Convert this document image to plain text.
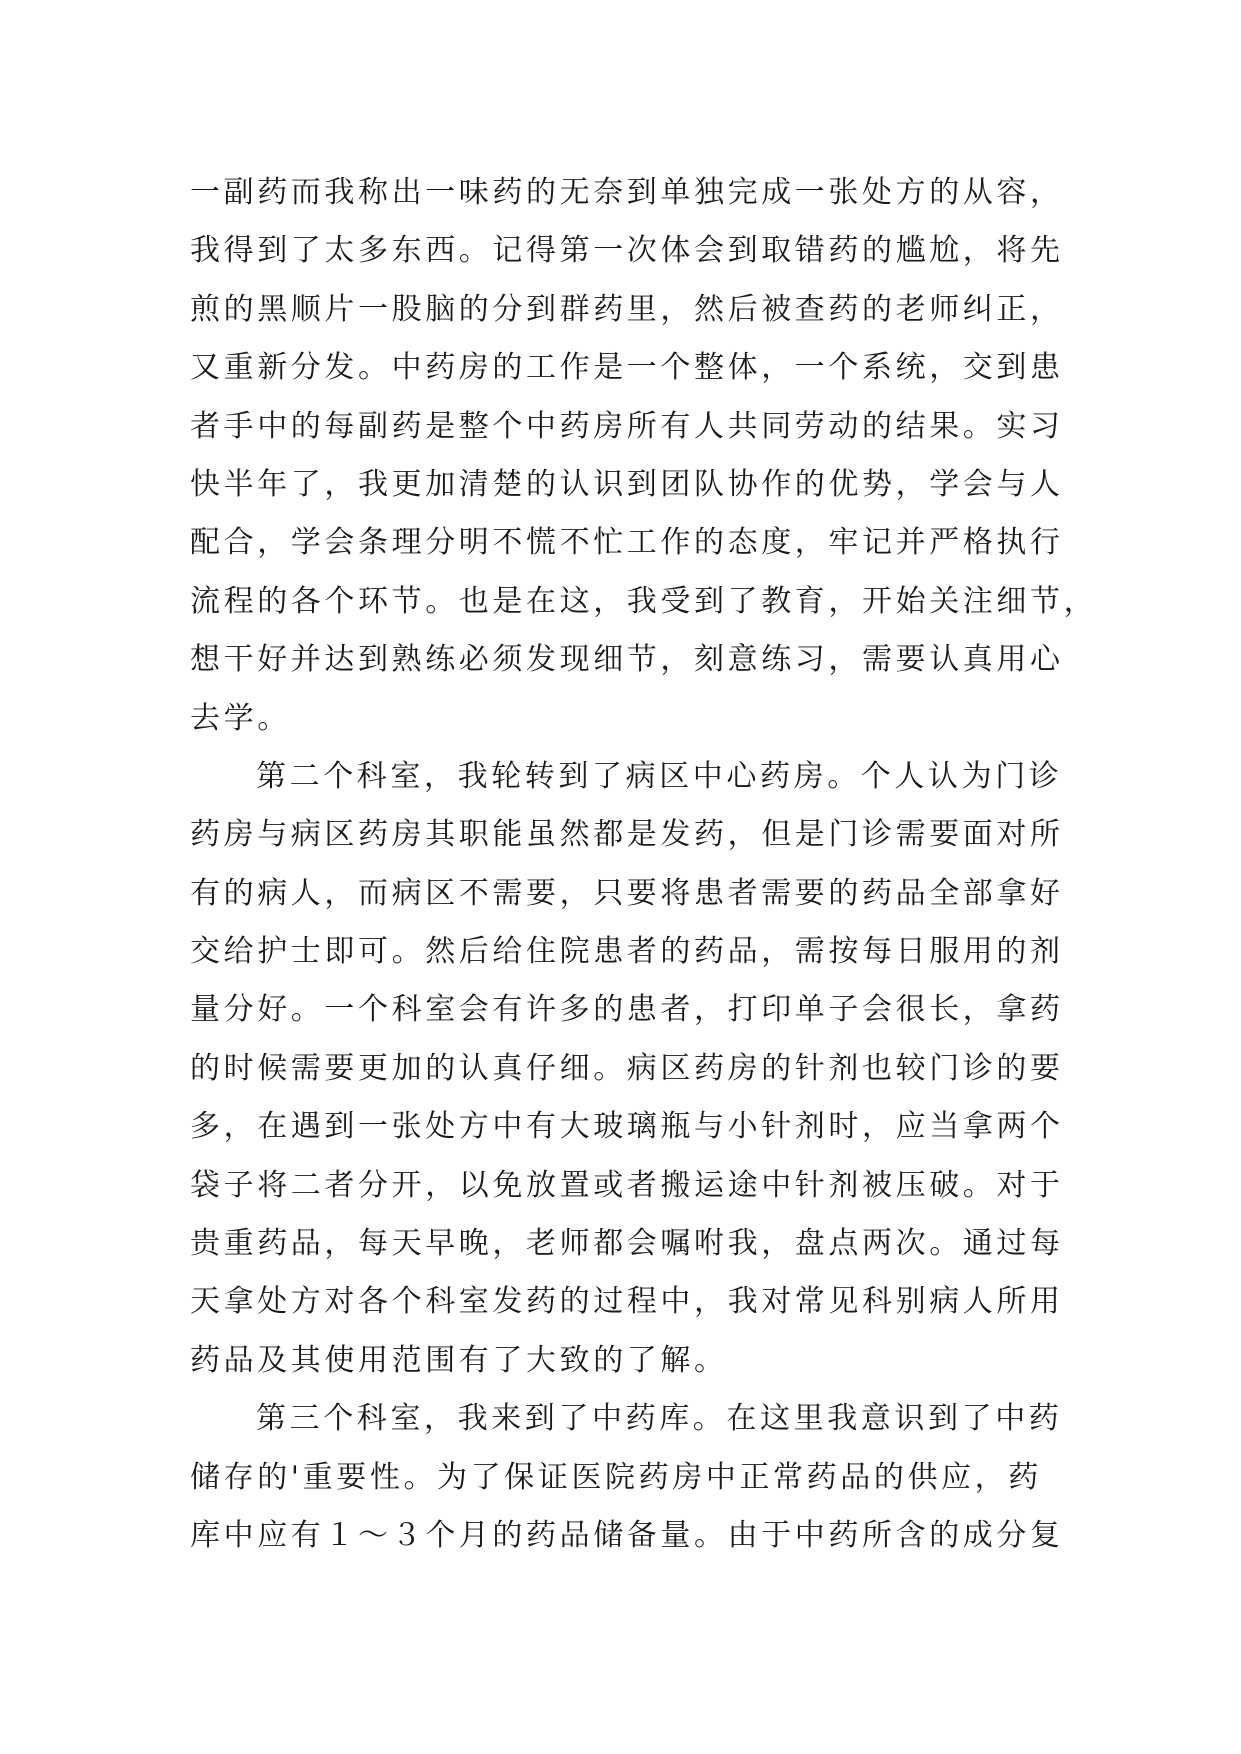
一副药而我称出一味药的无奈到单独完成一张处方的从容，
我得到了太多东西。记得第一次体会到取错药的尴尬，将先
煎的黑顺片一股脑的分到群药里，然后被查药的老师纠正，
又重新分发。中药房的工作是一个整体，一个系统，交到患
者手中的每副药是整个中药房所有人共同劳动的结果。实习
快半年了，我更加清楚的认识到团队协作的优势，学会与人
配合，学会条理分明不慌不忙工作的态度，牢记并严格执行
流程的各个环节。也是在这，我受到了教育，开始关注细节，
想干好并达到熟练必须发现细节，刻意练习，需要认真用心
去学。
第二个科室，我轮转到了病区中心药房。个人认为门诊
药房与病区药房其职能虽然都是发药，但是门诊需要面对所
有的病人，而病区不需要，只要将患者需要的药品全部拿好
交给护士即可。然后给住院患者的药品，需按每日服用的剂
量分好。一个科室会有许多的患者，打印单子会很长，拿药
的时候需要更加的认真仔细。病区药房的针剂也较门诊的要
多，在遇到一张处方中有大玻璃瓶与小针剂时，应当拿两个
袋子将二者分开，以免放置或者搬运途中针剂被压破。对于
贵重药品，每天早晚，老师都会嘱咐我，盘点两次。通过每
天拿处方对各个科室发药的过程中，我对常见科别病人所用
药品及其使用范围有了大致的了解。
第三个科室，我来到了中药库。在这里我意识到了中药
储存的'重要性。为了保证医院药房中正常药品的供应，药
库中应有１～３个月的药品储备量。由于中药所含的成分复
